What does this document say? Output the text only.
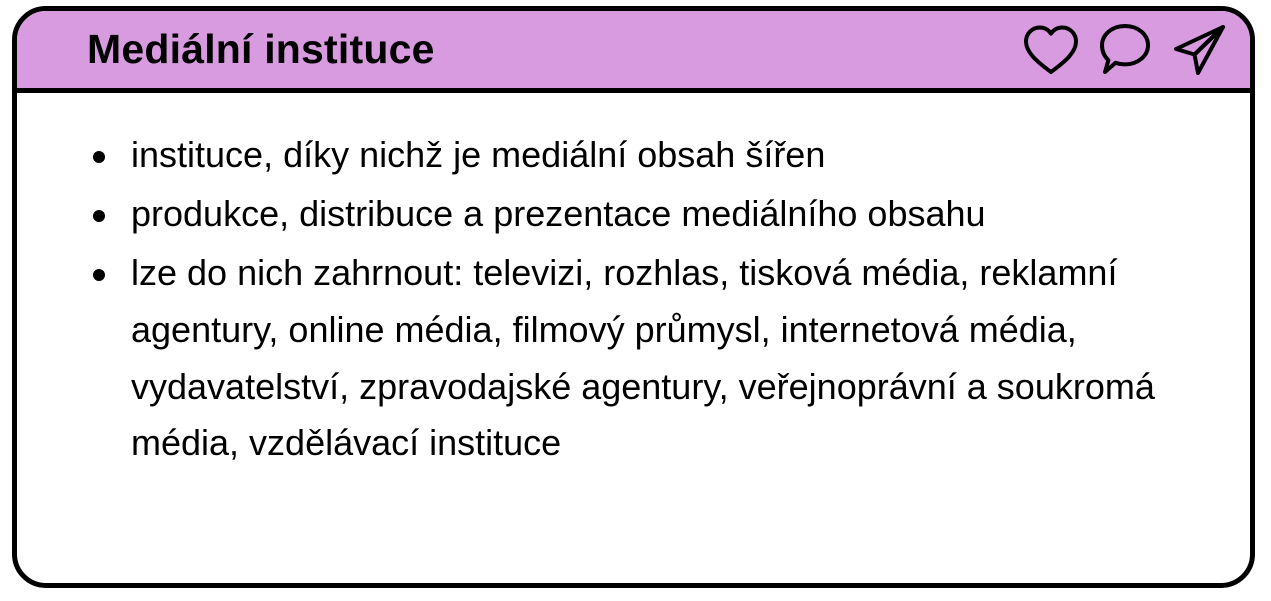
Mediální instituce
instituce, díky nichž je mediální obsah šířen
produkce, distribuce a prezentace mediálního obsahu
lze do nich zahrnout: televizi, rozhlas, tisková média, reklamní agentury, online média, filmový průmysl, internetová média, vydavatelství, zpravodajské agentury, veřejnoprávní a soukromá média, vzdělávací instituce
